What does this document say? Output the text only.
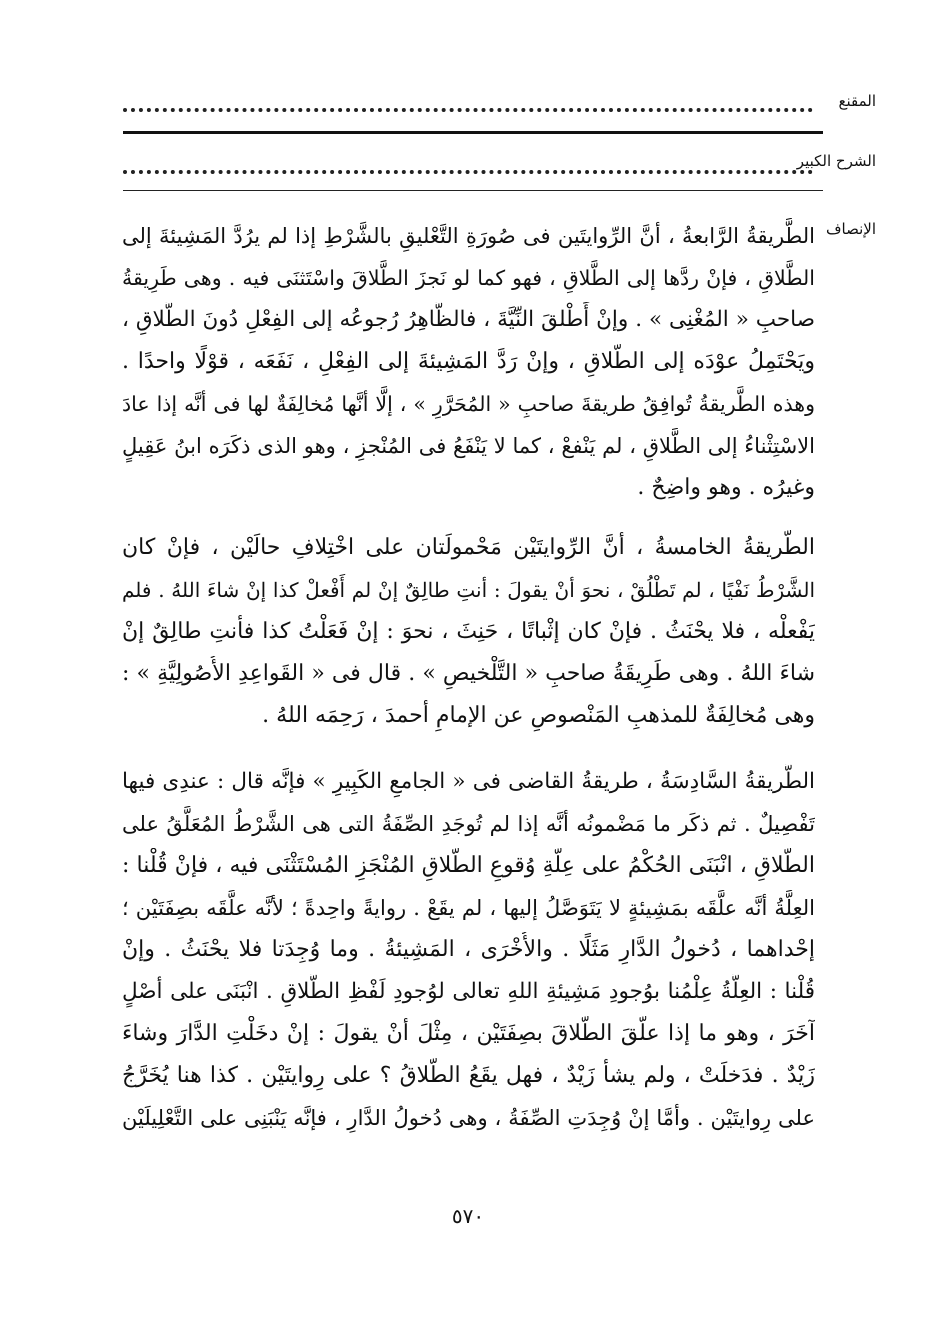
المقنع
الشرح الكبير
الإنصاف
الطَّريقةُ الرَّابعةُ ، أنَّ الرِّوايتَين فى صُورَةِ التَّعْليقِ بالشَّرْطِ إذا لم يرُدَّ المَشِيئةَ إلى
الطَّلاقِ ، فإنْ ردَّها إلى الطَّلاقِ ، فهو كما لو نَجزَ الطَّلاقَ واسْتَثنَى فيه . وهى طَرِيقةُ
صاحبِ « المُغْنِى » . وإنْ أَطْلقَ النِّيَّةَ ، فالظَّاهِرُ رُجوعُه إلى الفِعْلِ دُونَ الطَّلاقِ ،
ويَحْتَمِلُ عوْدَه إلى الطَّلاقِ ، وإنْ رَدَّ المَشِيئةَ إلى الفِعْلِ ، نَفَعَه ، قوْلًا واحدًا .
وهذه الطَّريقةُ تُوافِقُ طريقةَ صاحبِ « المُحَرَّرِ » ، إلَّا أنَّها مُخالِفَةٌ لها فى أنَّه إذا عادَ
الاسْتِثْناءُ إلى الطَّلاقِ ، لم يَنْفعْ ، كما لا يَنْفَعُ فى المُنْجزِ ، وهو الذى ذكَرَه ابنُ عَقِيلٍ
وغيرُه . وهو واضِحٌ .
الطَّريقةُ الخامسةُ ، أنَّ الرِّوايتَيْن مَحْمولَتان على اخْتِلافِ حالَيْن ، فإنْ كان
الشَّرْطُ نَفْيًا ، لم تَطْلُقْ ، نحوَ أنْ يقولَ : أنتِ طالِقٌ إنْ لم أَفْعلْ كذا إنْ شاءَ اللهُ . فلم
يَفْعلْه ، فلا يحْنَثُ . فإنْ كان إثْباتًا ، حَنِثَ ، نحوَ : إنْ فَعَلْتُ كذا فأنتِ طالِقٌ إنْ
شاءَ اللهُ . وهى طَرِيقَةُ صاحبِ « التَّلْخيصِ » . قال فى « القَواعِدِ الأُصُولِيَّةِ » :
وهى مُخالِفَةٌ للمذهبِ المَنْصوصِ عن الإمامِ أحمدَ ، رَحِمَه اللهُ .
الطَّريقةُ السَّادِسَةُ ، طريقةُ القاضى فى « الجامعِ الكَبِيرِ » فإنَّه قال : عندِى فيها
تَفْصِيلٌ . ثم ذكَر ما مَضْمونُه أنَّه إذا لم تُوجَدِ الصِّفَةُ التى هى الشَّرْطُ المُعَلَّقُ على
الطَّلاقِ ، انْبَنَى الحُكْمُ على عِلَّةِ وُقوعِ الطَّلاقِ المُنْجَزِ المُسْتَثْنَى فيه ، فإنْ قُلْنا :
العِلَّةُ أنَّه علَّقَه بمَشِيئةٍ لا يَتَوَصَّلُ إليها ، لم يقَعْ . روايةً واحِدةً ؛ لأنَّه علَّقَه بصِفَتَيْن ؛
إحْداهما ، دُخولُ الدَّارِ مَثَلًا . والأُخْرَى ، المَشِيئةُ . وما وُجِدَتا فلا يحْنَثُ . وإنْ
قُلْنا : العِلَّةُ عِلْمُنا بوُجودِ مَشِيئةِ اللهِ تعالى لوُجودِ لَفْظِ الطَّلاقِ . انْبَنَى على أصْلٍ
آخَرَ ، وهو ما إذا علَّقَ الطَّلاقَ بصِفَتَيْن ، مِثْلَ أنْ يقولَ : إنْ دخَلْتِ الدَّارَ وشاءَ
زَيْدٌ . فدَخلَتْ ، ولم يشأْ زَيْدٌ ، فهل يقَعُ الطَّلاقُ ؟ على رِوايتَيْن . كذا هنا يُخَرَّجُ
على رِوايتَيْن . وأمَّا إنْ وُجِدَتِ الصِّفَةُ ، وهى دُخولُ الدَّارِ ، فإنَّه يَنْبَنِى على التَّعْلِيلَيْن
٥٧٠
